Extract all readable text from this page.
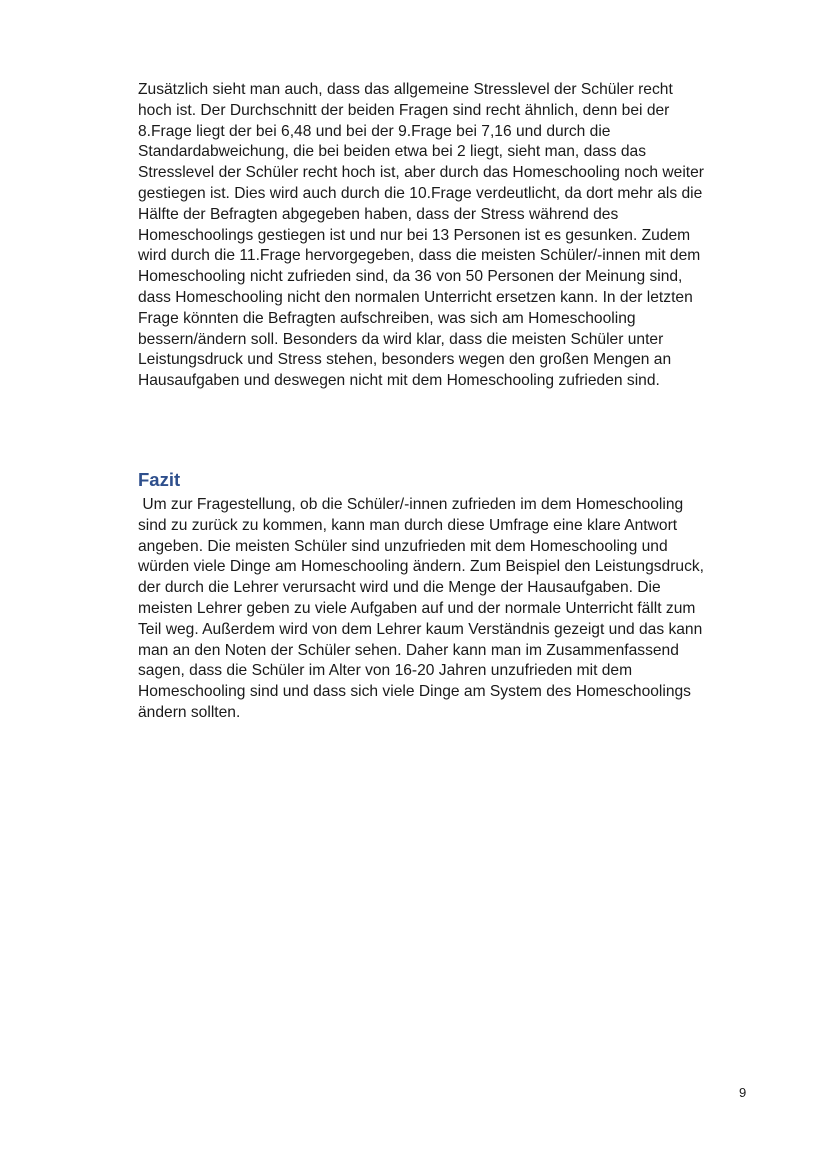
Zusätzlich sieht man auch, dass das allgemeine Stresslevel der Schüler recht
hoch ist. Der Durchschnitt der beiden Fragen sind recht ähnlich, denn bei der
8.Frage liegt der bei 6,48 und bei der 9.Frage bei 7,16 und durch die
Standardabweichung, die bei beiden etwa bei 2 liegt, sieht man, dass das
Stresslevel der Schüler recht hoch ist, aber durch das Homeschooling noch weiter
gestiegen ist. Dies wird auch durch die 10.Frage verdeutlicht, da dort mehr als die
Hälfte der Befragten abgegeben haben, dass der Stress während des
Homeschoolings gestiegen ist und nur bei 13 Personen ist es gesunken. Zudem
wird durch die 11.Frage hervorgegeben, dass die meisten Schüler/-innen mit dem
Homeschooling nicht zufrieden sind, da 36 von 50 Personen der Meinung sind,
dass Homeschooling nicht den normalen Unterricht ersetzen kann. In der letzten
Frage könnten die Befragten aufschreiben, was sich am Homeschooling
bessern/ändern soll. Besonders da wird klar, dass die meisten Schüler unter
Leistungsdruck und Stress stehen, besonders wegen den großen Mengen an
Hausaufgaben und deswegen nicht mit dem Homeschooling zufrieden sind.

Fazit

Um zur Fragestellung, ob die Schüler/-innen zufrieden im dem Homeschooling
sind zu zurück zu kommen, kann man durch diese Umfrage eine klare Antwort
angeben. Die meisten Schüler sind unzufrieden mit dem Homeschooling und
würden viele Dinge am Homeschooling ändern. Zum Beispiel den Leistungsdruck,
der durch die Lehrer verursacht wird und die Menge der Hausaufgaben. Die
meisten Lehrer geben zu viele Aufgaben auf und der normale Unterricht fällt zum
Teil weg. Außerdem wird von dem Lehrer kaum Verständnis gezeigt und das kann
man an den Noten der Schüler sehen. Daher kann man im Zusammenfassend
sagen, dass die Schüler im Alter von 16-20 Jahren unzufrieden mit dem
Homeschooling sind und dass sich viele Dinge am System des Homeschoolings
ändern sollten.

9
